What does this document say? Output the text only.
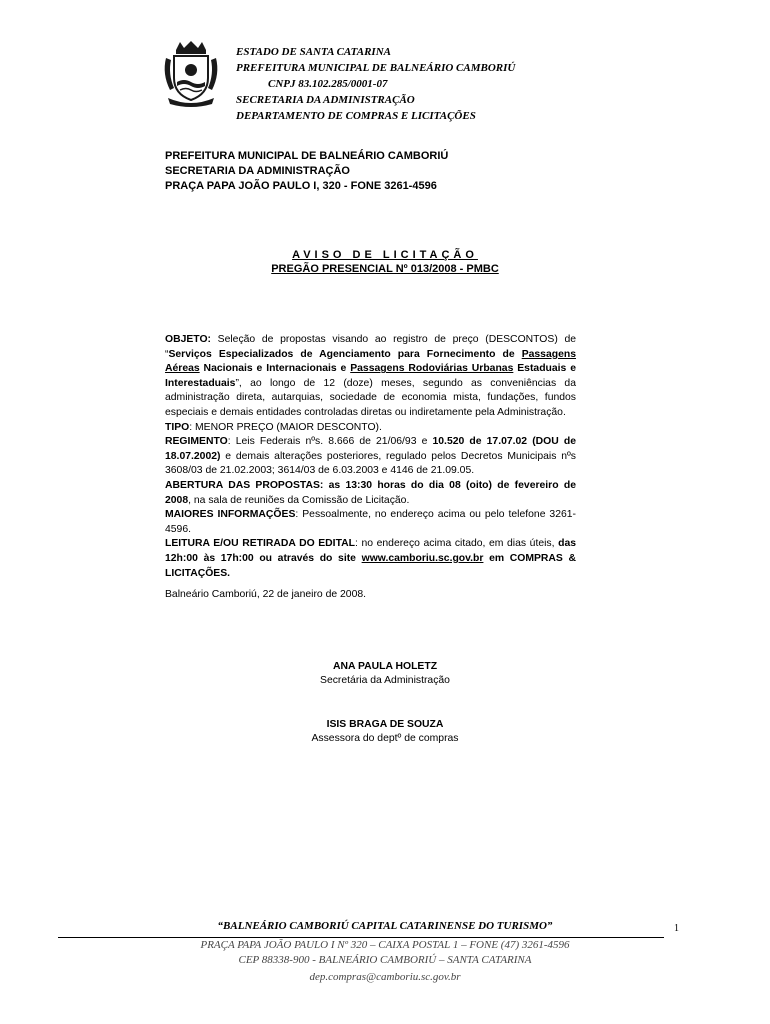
ESTADO DE SANTA CATARINA
PREFEITURA MUNICIPAL DE BALNEÁRIO CAMBORIÚ
CNPJ 83.102.285/0001-07
SECRETARIA DA ADMINISTRAÇÃO
DEPARTAMENTO DE COMPRAS E LICITAÇÕES
PREFEITURA MUNICIPAL DE BALNEÁRIO CAMBORIÚ
SECRETARIA DA ADMINISTRAÇÃO
PRAÇA PAPA JOÃO PAULO I, 320 - FONE 3261-4596
AVISO DE LICITAÇÃO
PREGÃO PRESENCIAL Nº 013/2008 - PMBC

OBJETO: Seleção de propostas visando ao registro de preço (DESCONTOS) de “Serviços Especializados de Agenciamento para Fornecimento de Passagens Aéreas Nacionais e Internacionais e Passagens Rodoviárias Urbanas Estaduais e Interestaduais”, ao longo de 12 (doze) meses, segundo as conveniências da administração direta, autarquias, sociedade de economia mista, fundações, fundos especiais e demais entidades controladas diretas ou indiretamente pela Administração.

TIPO: MENOR PREÇO (MAIOR DESCONTO).

REGIMENTO: Leis Federais nºs. 8.666 de 21/06/93 e 10.520 de 17.07.02 (DOU de 18.07.2002) e demais alterações posteriores, regulado pelos Decretos Municipais nºs 3608/03 de 21.02.2003; 3614/03 de 6.03.2003 e 4146 de 21.09.05.

ABERTURA DAS PROPOSTAS: as 13:30 horas do dia 08 (oito) de fevereiro de 2008, na sala de reuniões da Comissão de Licitação.

MAIORES INFORMAÇÕES: Pessoalmente, no endereço acima ou pelo telefone 3261-4596.

LEITURA E/OU RETIRADA DO EDITAL: no endereço acima citado, em dias úteis, das 12h:00 às 17h:00 ou através do site www.camboriu.sc.gov.br em COMPRAS & LICITAÇÕES.

Balneário Camboriú, 22 de janeiro de 2008.
ANA PAULA HOLETZ
Secretária da Administração
ISIS BRAGA DE SOUZA
Assessora do deptº de compras
“BALNEÁRIO CAMBORIÚ CAPITAL CATARINENSE DO TURISMO”	1
PRAÇA PAPA JOÃO PAULO I Nº 320 – CAIXA POSTAL 1 – FONE (47) 3261-4596
CEP 88338-900 - BALNEÁRIO CAMBORIÚ – SANTA CATARINA
dep.compras@camboriu.sc.gov.br
